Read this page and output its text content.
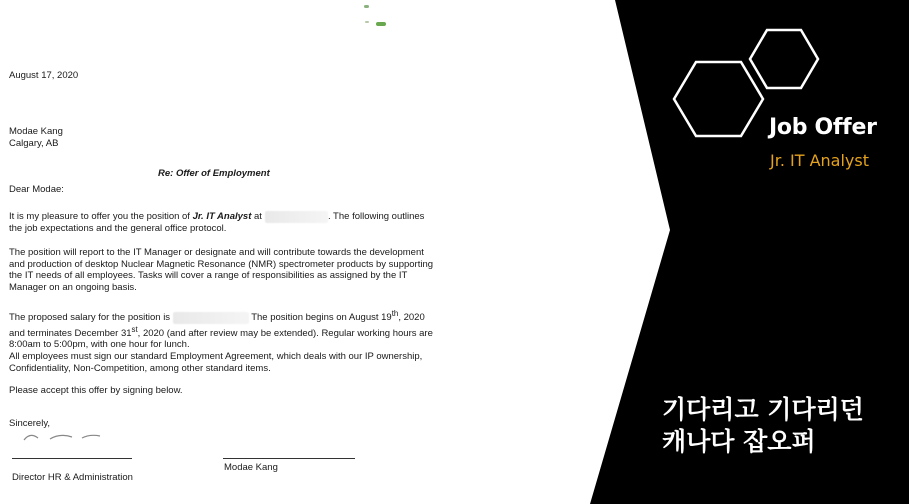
August 17, 2020
Modae Kang
Calgary, AB
Re: Offer of Employment
Dear Modae:
It is my pleasure to offer you the position of Jr. IT Analyst at	. The following outlines the job expectations and the general office protocol.
The position will report to the IT Manager or designate and will contribute towards the development and production of desktop Nuclear Magnetic Resonance (NMR) spectrometer products by supporting the IT needs of all employees. Tasks will cover a range of responsibilities as assigned by the IT Manager on an ongoing basis.
The proposed salary for the position is	The position begins on August 19th, 2020 and terminates December 31st, 2020 (and after review may be extended). Regular working hours are 8:00am to 5:00pm, with one hour for lunch.
All employees must sign our standard Employment Agreement, which deals with our IP ownership, Confidentiality, Non-Competition, among other standard items.
Please accept this offer by signing below.
Sincerely,
Modae Kang
Director HR & Administration
Job Offer
Jr. IT Analyst
기다리고 기다리던
캐나다 잡오퍼
